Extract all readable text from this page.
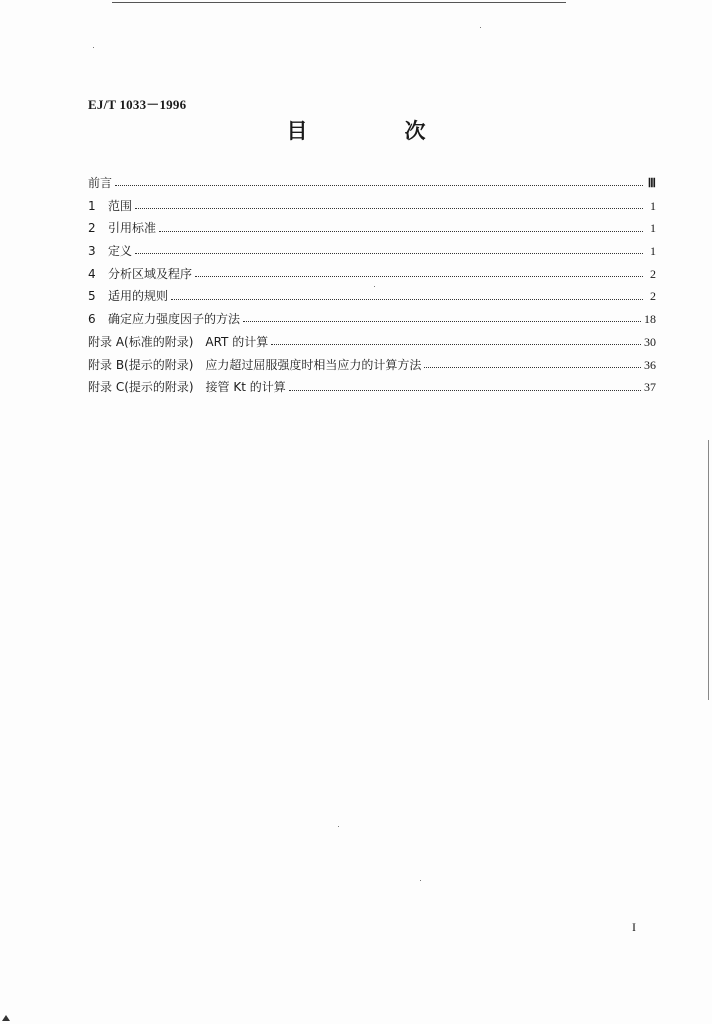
EJ/T 1033－1996
目　次
前言	Ⅲ
1	范围	1
2	引用标准	1
3	定义	1
4	分析区域及程序	2
5	适用的规则	2
6	确定应力强度因子的方法	18
附录 A(标准的附录)　ART 的计算	30
附录 B(提示的附录)　应力超过屈服强度时相当应力的计算方法	36
附录 C(提示的附录)　接管 Kt 的计算	37
I
